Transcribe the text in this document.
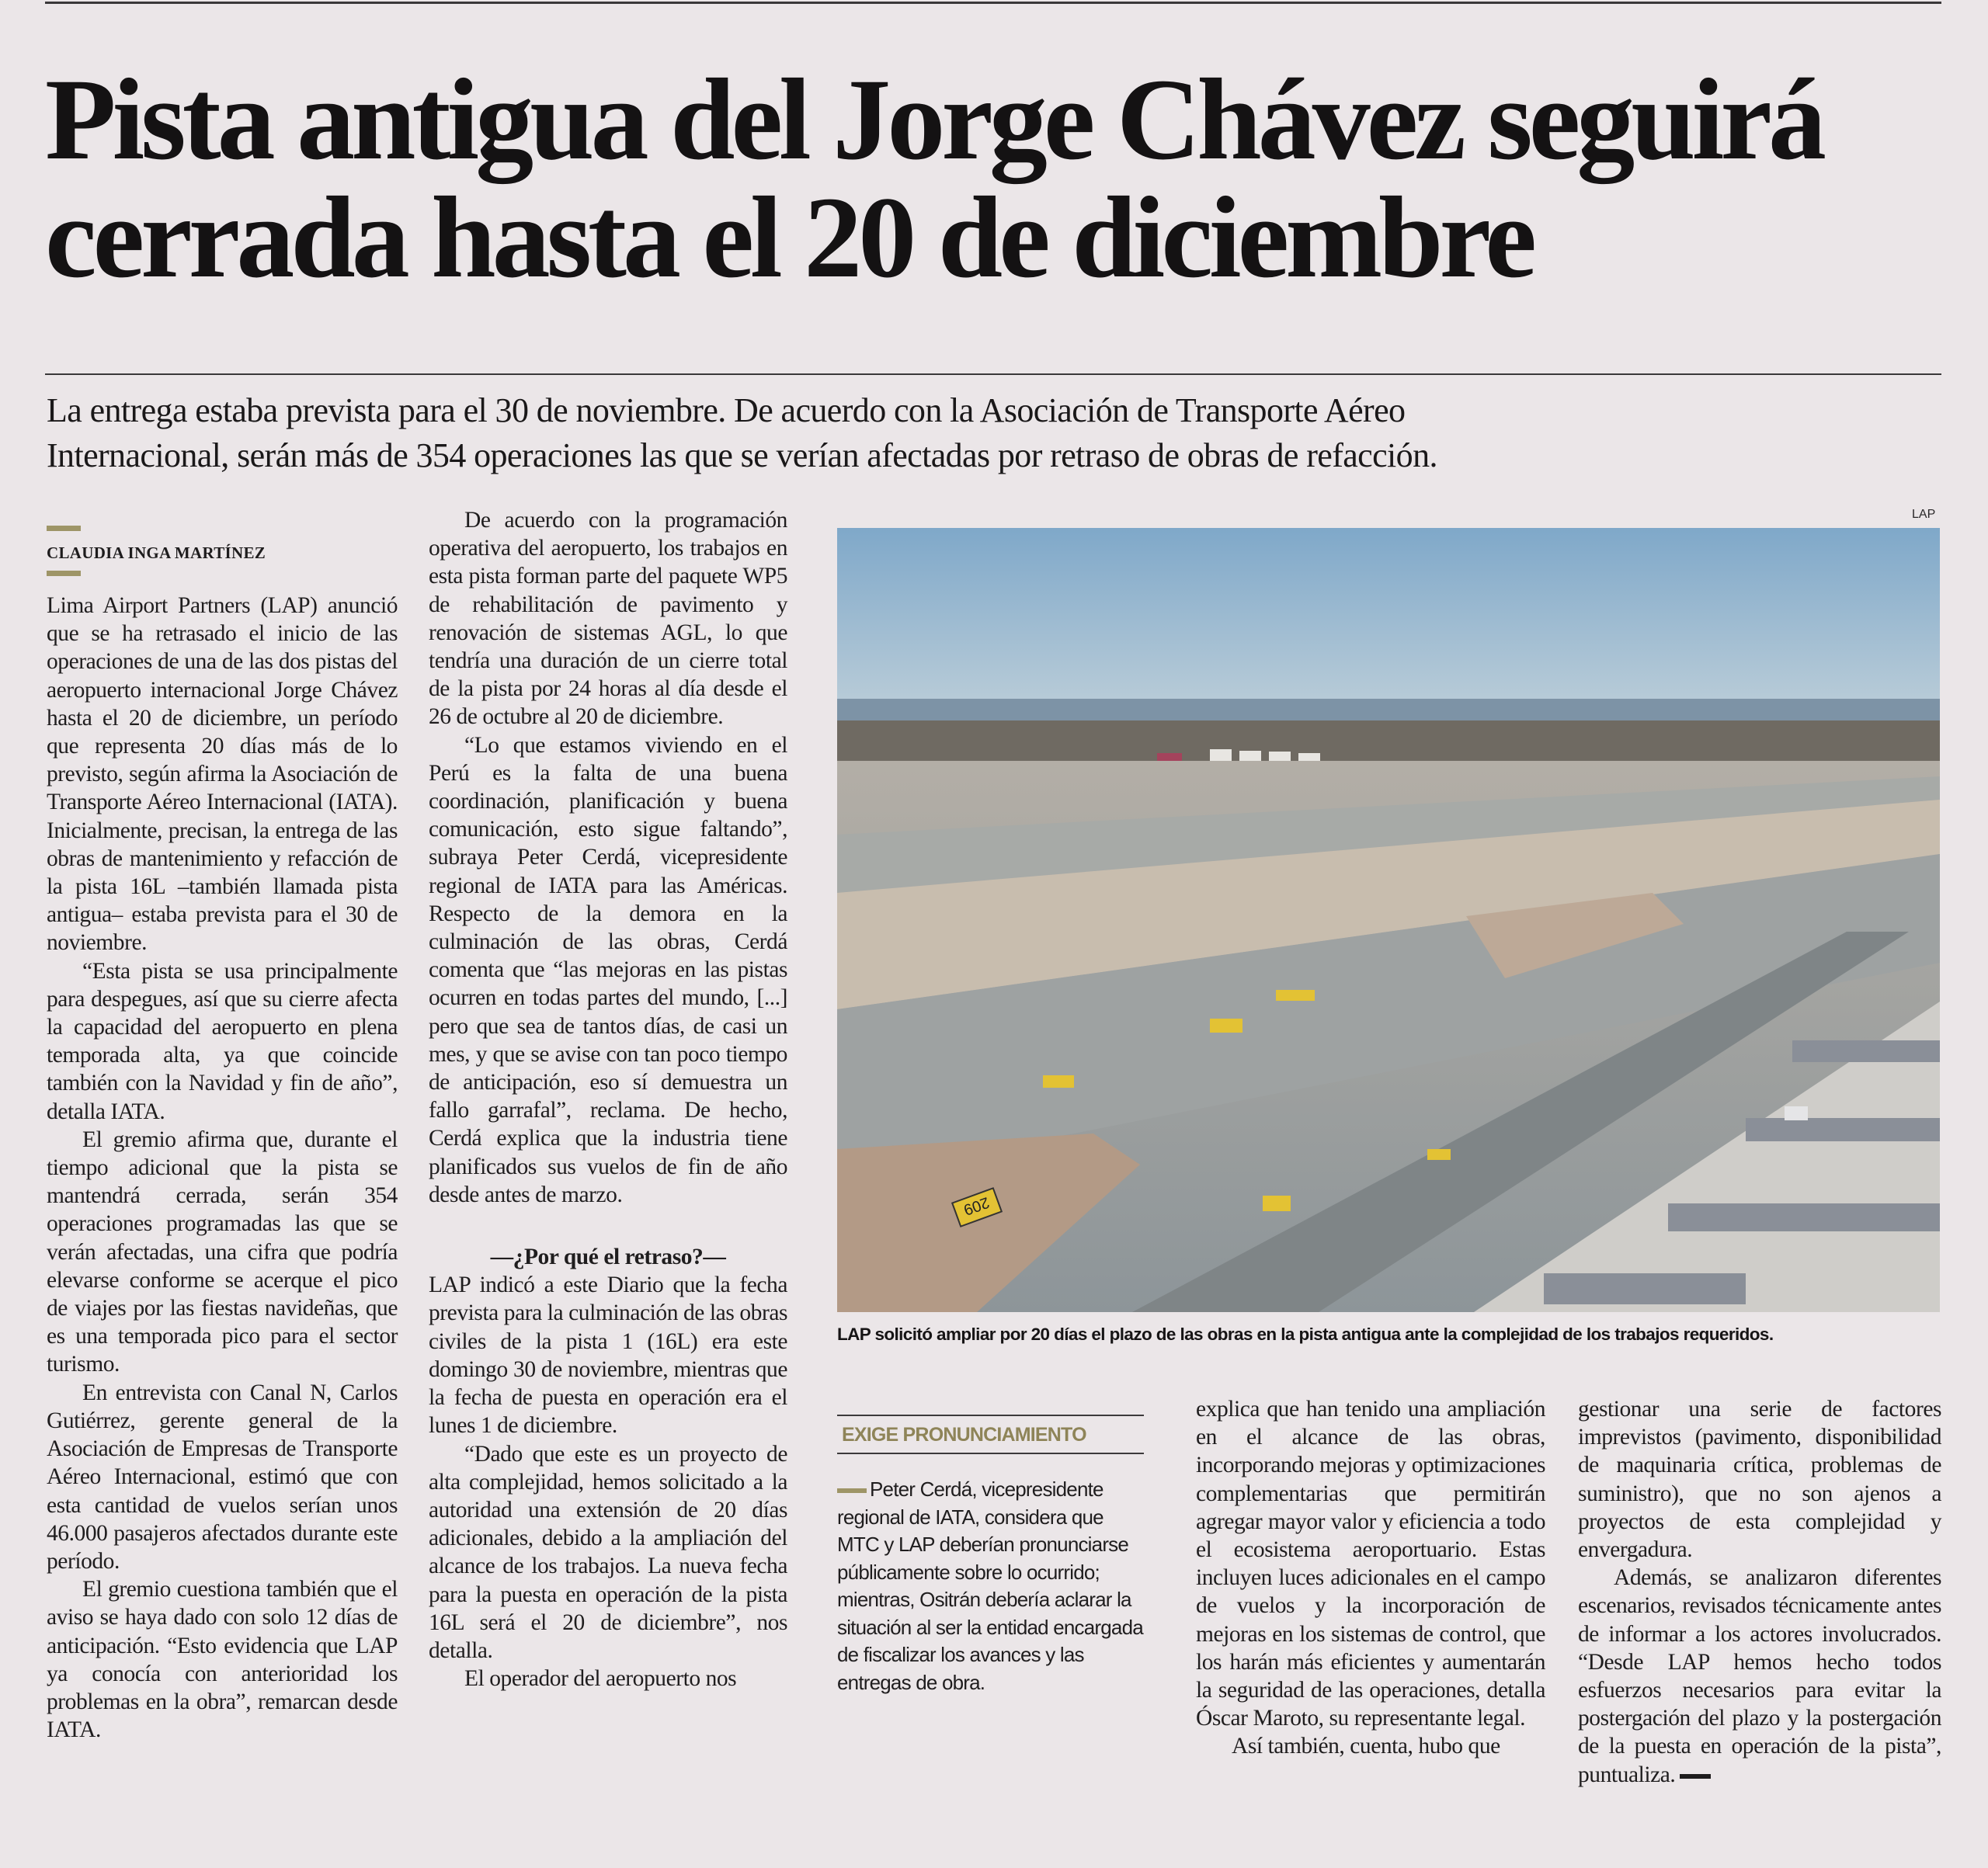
Pista antigua del Jorge Chávez seguirá
cerrada hasta el 20 de diciembre

La entrega estaba prevista para el 30 de noviembre. De acuerdo con la Asociación de Transporte Aéreo
Internacional, serán más de 354 operaciones las que se verían afectadas por retraso de obras de refacción.

CLAUDIA INGA MARTÍNEZ

Lima Airport Partners (LAP) anunció que se ha retrasado el inicio de las operaciones de una de las dos pistas del aeropuerto internacional Jorge Chávez hasta el 20 de diciembre, un período que representa 20 días más de lo previsto, según afirma la Asociación de Transporte Aéreo Internacional (IATA). Inicialmente, precisan, la entrega de las obras de mantenimiento y refacción de la pista 16L –también llamada pista antigua– estaba prevista para el 30 de noviembre.

“Esta pista se usa principalmente para despegues, así que su cierre afecta la capacidad del aeropuerto en plena temporada alta, ya que coincide también con la Navidad y fin de año”, detalla IATA.

El gremio afirma que, durante el tiempo adicional que la pista se mantendrá cerrada, serán 354 operaciones programadas las que se verán afectadas, una cifra que podría elevarse conforme se acerque el pico de viajes por las fiestas navideñas, que es una temporada pico para el sector turismo.

En entrevista con Canal N, Carlos Gutiérrez, gerente general de la Asociación de Empresas de Transporte Aéreo Internacional, estimó que con esta cantidad de vuelos serían unos 46.000 pasajeros afectados durante este período.

El gremio cuestiona también que el aviso se haya dado con solo 12 días de anticipación. “Esto evidencia que LAP ya conocía con anterioridad los problemas en la obra”, remarcan desde IATA.

De acuerdo con la programación operativa del aeropuerto, los trabajos en esta pista forman parte del paquete WP5 de rehabilitación de pavimento y renovación de sistemas AGL, lo que tendría una duración de un cierre total de la pista por 24 horas al día desde el 26 de octubre al 20 de diciembre.

“Lo que estamos viviendo en el Perú es la falta de una buena coordinación, planificación y buena comunicación, esto sigue faltando”, subraya Peter Cerdá, vicepresidente regional de IATA para las Américas. Respecto de la demora en la culminación de las obras, Cerdá comenta que “las mejoras en las pistas ocurren en todas partes del mundo, [...] pero que sea de tantos días, de casi un mes, y que se avise con tan poco tiempo de anticipación, eso sí demuestra un fallo garrafal”, reclama. De hecho, Cerdá explica que la industria tiene planificados sus vuelos de fin de año desde antes de marzo.

—¿Por qué el retraso?—

LAP indicó a este Diario que la fecha prevista para la culminación de las obras civiles de la pista 1 (16L) era este domingo 30 de noviembre, mientras que la fecha de puesta en operación era el lunes 1 de diciembre.

“Dado que este es un proyecto de alta complejidad, hemos solicitado a la autoridad una extensión de 20 días adicionales, debido a la ampliación del alcance de los trabajos. La nueva fecha para la puesta en operación de la pista 16L será el 20 de diciembre”, nos detalla.

El operador del aeropuerto nos

LAP
209
LAP solicitó ampliar por 20 días el plazo de las obras en la pista antigua ante la complejidad de los trabajos requeridos.
EXIGE PRONUNCIAMIENTO
Peter Cerdá, vicepresidente regional de IATA, considera que MTC y LAP deberían pronunciarse públicamente sobre lo ocurrido; mientras, Ositrán debería aclarar la situación al ser la entidad encargada de fiscalizar los avances y las entregas de obra.

explica que han tenido una ampliación en el alcance de las obras, incorporando mejoras y optimizaciones complementarias que permitirán agregar mayor valor y eficiencia a todo el ecosistema aeroportuario. Estas incluyen luces adicionales en el campo de vuelos y la incorporación de mejoras en los sistemas de control, que los harán más eficientes y aumentarán la seguridad de las operaciones, detalla Óscar Maroto, su representante legal.

Así también, cuenta, hubo que

gestionar una serie de factores imprevistos (pavimento, disponibilidad de maquinaria crítica, problemas de suministro), que no son ajenos a proyectos de esta complejidad y envergadura.

Además, se analizaron diferentes escenarios, revisados técnicamente antes de informar a los actores involucrados. “Desde LAP hemos hecho todos esfuerzos necesarios para evitar la postergación del plazo y la postergación de la puesta en operación de la pista”, puntualiza.
